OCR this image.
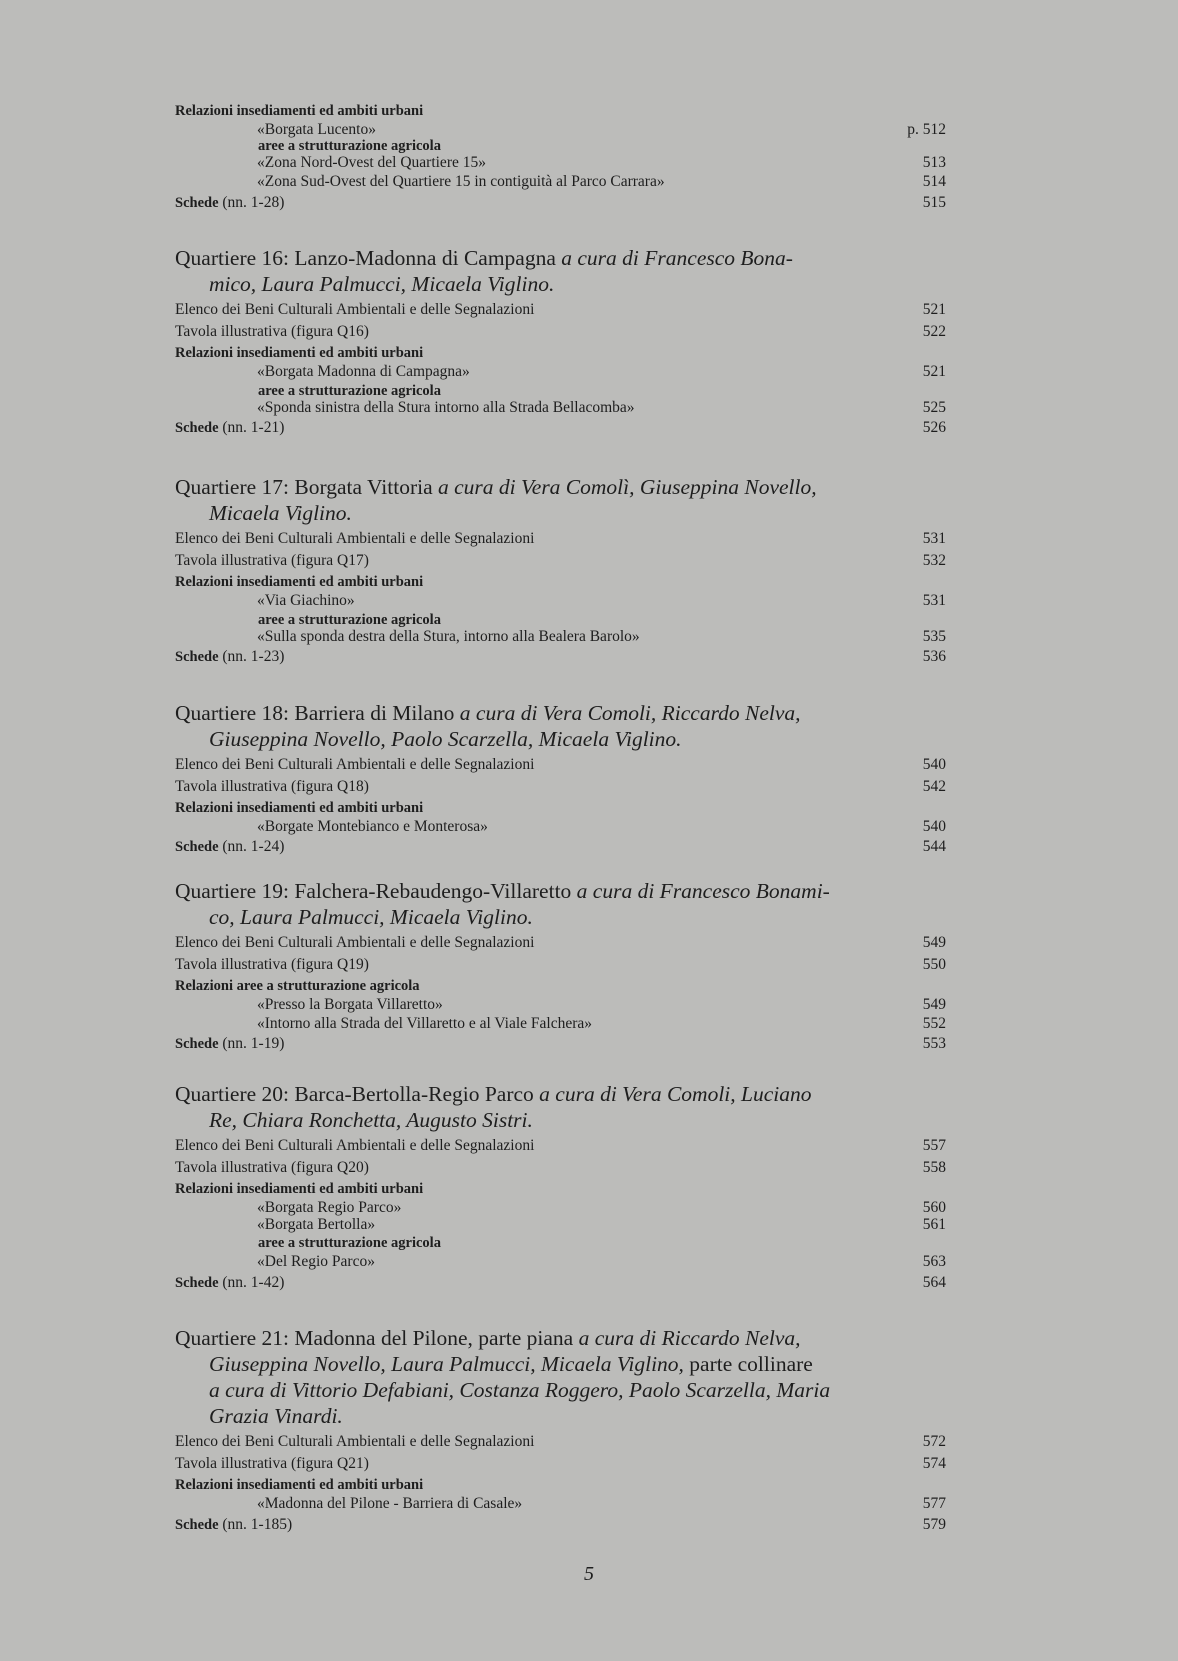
Relazioni insediamenti ed ambiti urbani
«Borgata Lucento»	p. 512
aree a strutturazione agricola
«Zona Nord-Ovest del Quartiere 15»	513
«Zona Sud-Ovest del Quartiere 15 in contiguità al Parco Carrara»	514
Schede (nn. 1-28)	515
Quartiere 16: Lanzo-Madonna di Campagna a cura di Francesco Bona-
mico, Laura Palmucci, Micaela Viglino.
Elenco dei Beni Culturali Ambientali e delle Segnalazioni	521
Tavola illustrativa (figura Q16)	522
Relazioni insediamenti ed ambiti urbani
«Borgata Madonna di Campagna»	521
aree a strutturazione agricola
«Sponda sinistra della Stura intorno alla Strada Bellacomba»	525
Schede (nn. 1-21)	526
Quartiere 17: Borgata Vittoria a cura di Vera Comolì, Giuseppina Novello,
Micaela Viglino.
Elenco dei Beni Culturali Ambientali e delle Segnalazioni	531
Tavola illustrativa (figura Q17)	532
Relazioni insediamenti ed ambiti urbani
«Via Giachino»	531
aree a strutturazione agricola
«Sulla sponda destra della Stura, intorno alla Bealera Barolo»	535
Schede (nn. 1-23)	536
Quartiere 18: Barriera di Milano a cura di Vera Comoli, Riccardo Nelva,
Giuseppina Novello, Paolo Scarzella, Micaela Viglino.
Elenco dei Beni Culturali Ambientali e delle Segnalazioni	540
Tavola illustrativa (figura Q18)	542
Relazioni insediamenti ed ambiti urbani
«Borgate Montebianco e Monterosa»	540
Schede (nn. 1-24)	544
Quartiere 19: Falchera-Rebaudengo-Villaretto a cura di Francesco Bonami-
co, Laura Palmucci, Micaela Viglino.
Elenco dei Beni Culturali Ambientali e delle Segnalazioni	549
Tavola illustrativa (figura Q19)	550
Relazioni aree a strutturazione agricola
«Presso la Borgata Villaretto»	549
«Intorno alla Strada del Villaretto e al Viale Falchera»	552
Schede (nn. 1-19)	553
Quartiere 20: Barca-Bertolla-Regio Parco a cura di Vera Comoli, Luciano
Re, Chiara Ronchetta, Augusto Sistri.
Elenco dei Beni Culturali Ambientali e delle Segnalazioni	557
Tavola illustrativa (figura Q20)	558
Relazioni insediamenti ed ambiti urbani
«Borgata Regio Parco»	560
«Borgata Bertolla»	561
aree a strutturazione agricola
«Del Regio Parco»	563
Schede (nn. 1-42)	564
Quartiere 21: Madonna del Pilone, parte piana a cura di Riccardo Nelva,
Giuseppina Novello, Laura Palmucci, Micaela Viglino, parte collinare
a cura di Vittorio Defabiani, Costanza Roggero, Paolo Scarzella, Maria
Grazia Vinardi.
Elenco dei Beni Culturali Ambientali e delle Segnalazioni	572
Tavola illustrativa (figura Q21)	574
Relazioni insediamenti ed ambiti urbani
«Madonna del Pilone - Barriera di Casale»	577
Schede (nn. 1-185)	579
5
